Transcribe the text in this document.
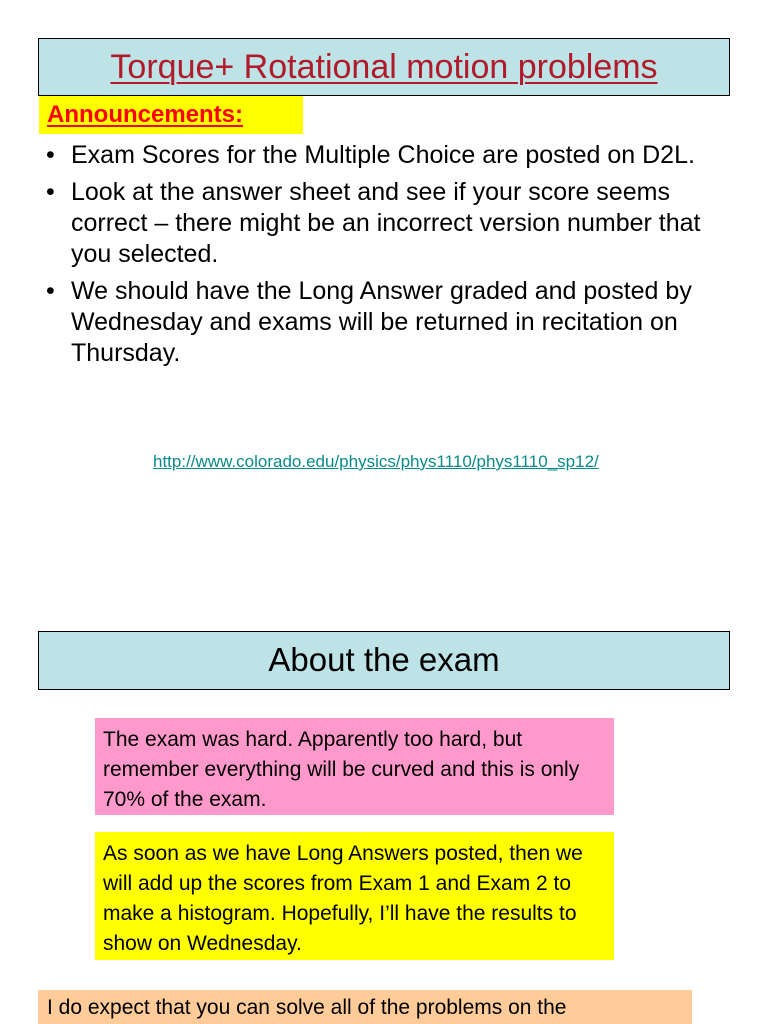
Torque+ Rotational motion problems
Announcements:
• Exam Scores for the Multiple Choice are posted on D2L.
• Look at the answer sheet and see if your score seems correct – there might be an incorrect version number that you selected.
• We should have the Long Answer graded and posted by Wednesday and exams will be returned in recitation on Thursday.
http://www.colorado.edu/physics/phys1110/phys1110_sp12/
About the exam
The exam was hard. Apparently too hard, but remember everything will be curved and this is only 70% of the exam.
As soon as we have Long Answers posted, then we will add up the scores from Exam 1 and Exam 2 to make a histogram. Hopefully, I’ll have the results to show on Wednesday.
I do expect that you can solve all of the problems on the
